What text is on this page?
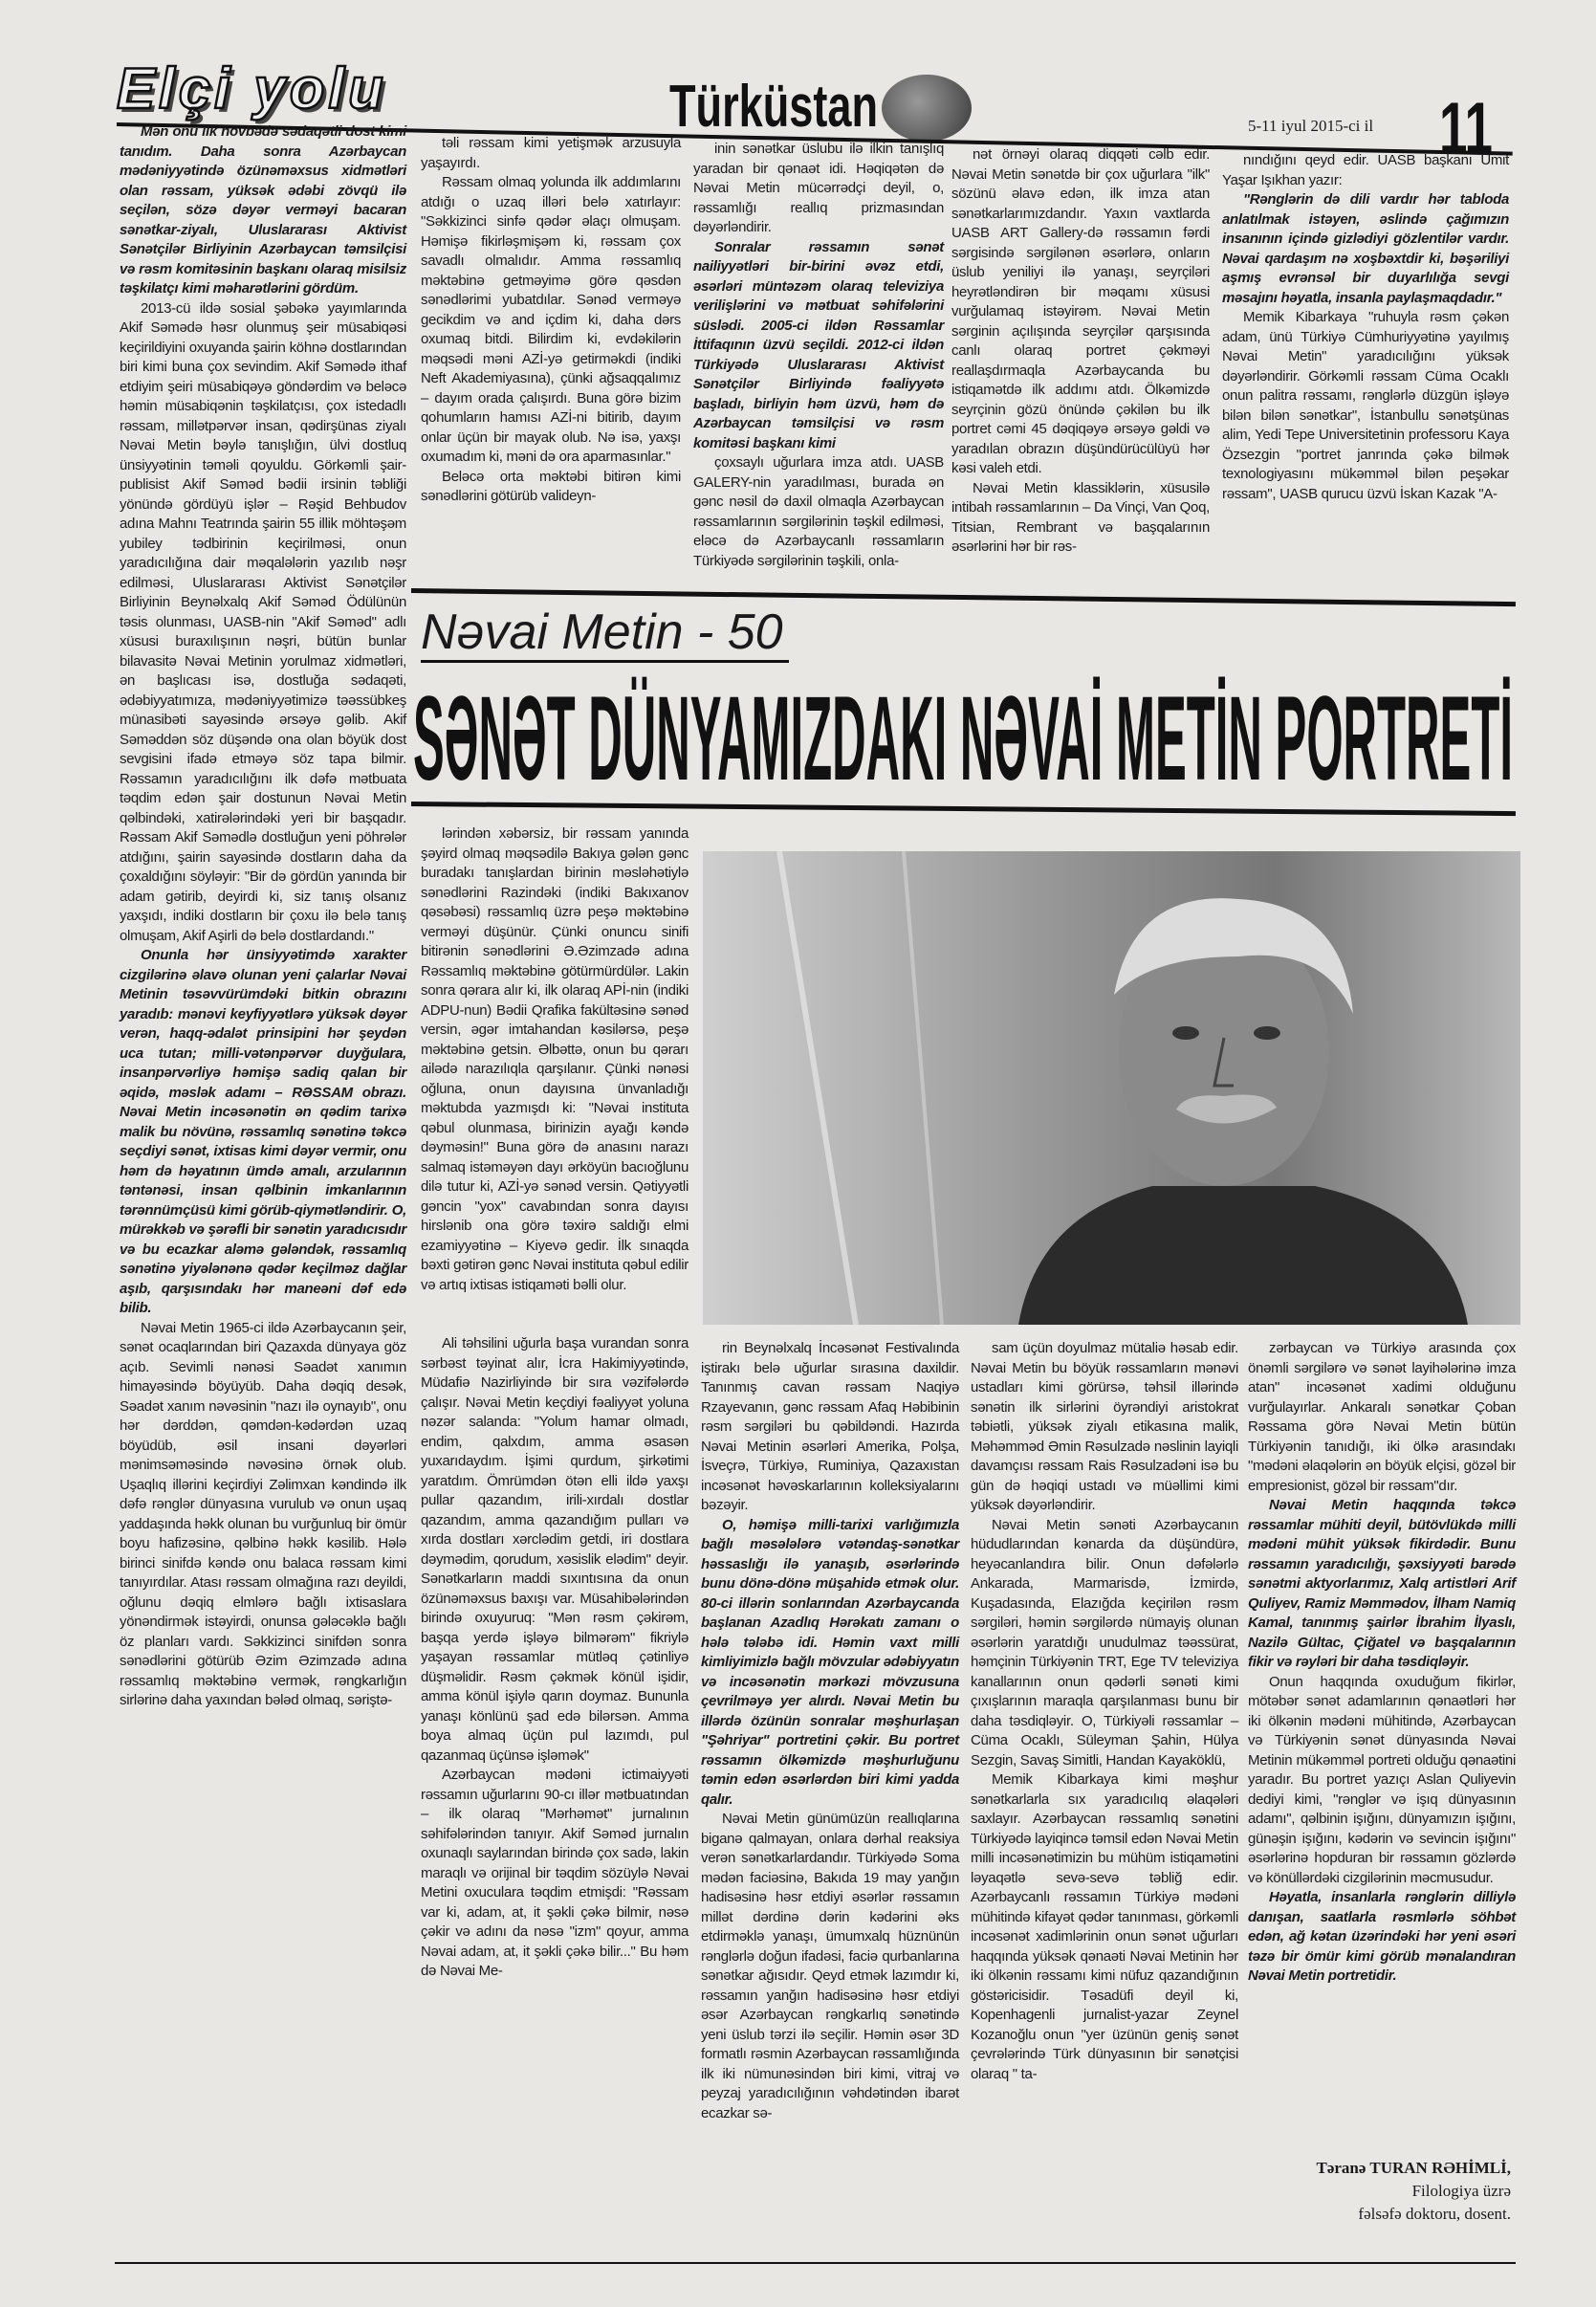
Elçi yolu	Türküstan	5-11 iyul 2015-ci il 11

Mən onu ilk növbədə sədaqətli dost kimi tanıdım. Daha sonra Azərbaycan mədəniyyətində özünəməxsus xidmətləri olan rəssam, yüksək ədəbi zövqü ilə seçilən, sözə dəyər verməyi bacaran sənətkar-ziyalı, Uluslararası Aktivist Sənətçilər Birliyinin Azərbaycan təmsilçisi və rəsm komitəsinin başkanı olaraq misilsiz təşkilatçı kimi məharətlərini gördüm.

2013-cü ildə sosial şəbəkə yayımlarında Akif Səmədə həsr olunmuş şeir müsabiqəsi keçirildiyini oxuyanda şairin köhnə dostlarından biri kimi buna çox sevindim. Akif Səmədə ithaf etdiyim şeiri müsabiqəyə göndərdim və beləcə həmin müsabiqənin təşkilatçısı, çox istedadlı rəssam, millətpərvər insan, qədirşünas ziyalı Nəvai Metin bəylə tanışlığın, ülvi dostluq ünsiyyətinin təməli qoyuldu. Görkəmli şair-publisist Akif Səməd bədii irsinin təbliği yönündə gördüyü işlər – Rəşid Behbudov adına Mahnı Teatrında şairin 55 illik möhtəşəm yubiley tədbirinin keçirilməsi, onun yaradıcılığına dair məqalələrin yazılıb nəşr edilməsi, Uluslararası Aktivist Sənətçilər Birliyinin Beynəlxalq Akif Səməd Ödülünün təsis olunması, UASB-nin "Akif Səməd" adlı xüsusi buraxılışının nəşri, bütün bunlar bilavasitə Nəvai Metinin yorulmaz xidmətləri, ən başlıcası isə, dostluğa sədaqəti, ədəbiyyatımıza, mədəniyyətimizə təəssübkeş münasibəti sayəsində ərsəyə gəlib. Akif Səməddən söz düşəndə ona olan böyük dost sevgisini ifadə etməyə söz tapa bilmir. Rəssamın yaradıcılığını ilk dəfə mətbuata təqdim edən şair dostunun Nəvai Metin qəlbindəki, xatirələrindəki yeri bir başqadır. Rəssam Akif Səmədlə dostluğun yeni pöhrələr atdığını, şairin sayəsində dostların daha da çoxaldığını söyləyir: "Bir də gördün yanında bir adam gətirib, deyirdi ki, siz tanış olsanız yaxşıdı, indiki dostların bir çoxu ilə belə tanış olmuşam, Akif Aşirli də belə dostlardandı."

Onunla hər ünsiyyətimdə xarakter cizgilərinə əlavə olunan yeni çalarlar Nəvai Metinin təsəvvürümdəki bitkin obrazını yaradıb: mənəvi keyfiyyətlərə yüksək dəyər verən, haqq-ədalət prinsipini hər şeydən uca tutan; milli-vətənpərvər duyğulara, insanpərvərliyə həmişə sadiq qalan bir əqidə, məslək adamı – RƏSSAM obrazı. Nəvai Metin incəsənətin ən qədim tarixə malik bu növünə, rəssamlıq sənətinə təkcə seçdiyi sənət, ixtisas kimi dəyər vermir, onu həm də həyatının ümdə amalı, arzularının təntənəsi, insan qəlbinin imkanlarının tərənnümçüsü kimi görüb-qiymətləndirir. O, mürəkkəb və şərəfli bir sənətin yaradıcısıdır və bu ecazkar aləmə gələndək, rəssamlıq sənətinə yiyələnənə qədər keçilməz dağlar aşıb, qarşısındakı hər maneəni dəf edə bilib.

Nəvai Metin 1965-ci ildə Azərbaycanın şeir, sənət ocaqlarından biri Qazaxda dünyaya göz açıb. Sevimli nənəsi Səadət xanımın himayəsində böyüyüb. Daha dəqiq desək, Səadət xanım nəvəsinin "nazı ilə oynayıb", onu hər dərddən, qəmdən-kədərdən uzaq böyüdüb, əsil insani dəyərləri mənimsəməsində nəvəsinə örnək olub. Uşaqlıq illərini keçirdiyi Zəlimxan kəndində ilk dəfə rənglər dünyasına vurulub və onun uşaq yaddaşında həkk olunan bu vurğunluq bir ömür boyu hafizəsinə, qəlbinə həkk kəsilib. Hələ birinci sinifdə kəndə onu balaca rəssam kimi tanıyırdılar. Atası rəssam olmağına razı deyildi, oğlunu dəqiq elmlərə bağlı ixtisaslara yönəndirmək istəyirdi, onunsa gələcəklə bağlı öz planları vardı. Səkkizinci sinifdən sonra sənədlərini götürüb Əzim Əzimzadə adına rəssamlıq məktəbinə vermək, rəngkarlığın sirlərinə daha yaxından bələd olmaq, səriştə-

təli rəssam kimi yetişmək arzusuyla yaşayırdı.

Rəssam olmaq yolunda ilk addımlarını atdığı o uzaq illəri belə xatırlayır: "Səkkizinci sinfə qədər əlaçı olmuşam. Həmişə fikirləşmişəm ki, rəssam çox savadlı olmalıdır. Amma rəssamlıq məktəbinə getməyimə görə qəsdən sənədlərimi yubatdılar. Sənəd verməyə gecikdim və and içdim ki, daha dərs oxumaq bitdi. Bilirdim ki, evdəkilərin məqsədi məni AZİ-yə getirməkdi (indiki Neft Akademiyasına), çünki ağsaqqalımız – dayım orada çalışırdı. Buna görə bizim qohumların hamısı AZİ-ni bitirib, dayım onlar üçün bir mayak olub. Nə isə, yaxşı oxumadım ki, məni də ora aparmasınlar."

Beləcə orta məktəbi bitirən kimi sənədlərini götürüb valideyn-

inin sənətkar üslubu ilə ilkin tanışlıq yaradan bir qənaət idi. Həqiqətən də Nəvai Metin mücərrədçi deyil, o, rəssamlığı reallıq prizmasından dəyərləndirir.

Sonralar rəssamın sənət nailiyyətləri bir-birini əvəz etdi, əsərləri müntəzəm olaraq televiziya verilişlərini və mətbuat səhifələrini süslədi. 2005-ci ildən Rəssamlar İttifaqının üzvü seçildi. 2012-ci ildən Türkiyədə Uluslararası Aktivist Sənətçilər Birliyində fəaliyyətə başladı, birliyin həm üzvü, həm də Azərbaycan təmsilçisi və rəsm komitəsi başkanı kimi

çoxsaylı uğurlara imza atdı. UASB GALERY-nin yaradılması, burada ən gənc nəsil də daxil olmaqla Azərbaycan rəssamlarının sərgilərinin təşkil edilməsi, eləcə də Azərbaycanlı rəssamların Türkiyədə sərgilərinin təşkili, onla-

nət örnəyi olaraq diqqəti cəlb edir. Nəvai Metin sənətdə bir çox uğurlara "ilk" sözünü əlavə edən, ilk imza atan sənətkarlarımızdandır. Yaxın vaxtlarda UASB ART Gallery-də rəssamın fərdi sərgisində sərgilənən əsərlərə, onların üslub yeniliyi ilə yanaşı, seyrçiləri heyrətləndirən bir məqamı xüsusi vurğulamaq istəyirəm. Nəvai Metin sərginin açılışında seyrçilər qarşısında canlı olaraq portret çəkməyi reallaşdırmaqla Azərbaycanda bu istiqamətdə ilk addımı atdı. Ölkəmizdə seyrçinin gözü önündə çəkilən bu ilk portret cəmi 45 dəqiqəyə ərsəyə gəldi və yaradılan obrazın düşündürücülüyü hər kəsi valeh etdi.

Nəvai Metin klassiklərin, xüsusilə intibah rəssamlarının – Da Vinçi, Van Qoq, Titsian, Rembrant və başqalarının əsərlərini hər bir rəs-

nındığını qeyd edir. UASB başkanı Ümit Yaşar Işıkhan yazır:

"Rənglərin də dili vardır hər tabloda anlatılmak istəyen, əslində çağımızın insanının içində gizlədiyi gözlentilər vardır. Nəvai qardaşım nə xoşbəxtdir ki, bəşəriliyi aşmış evrənsəl bir duyarlılığa sevgi məsajını həyatla, insanla paylaşmaqdadır."

Memik Kibarkaya "ruhuyla rəsm çəkən adam, ünü Türkiyə Cümhuriyyətinə yayılmış Nəvai Metin" yaradıcılığını yüksək dəyərləndirir. Görkəmli rəssam Cüma Ocaklı onun palitra rəssamı, rənglərlə düzgün işləyə bilən bilən sənətkar", İstanbullu sənətşünas alim, Yedi Tepe Universitetinin professoru Kaya Özsezgin "portret janrında çəkə bilmək texnologiyasını mükəmməl bilən peşəkar rəssam", UASB qurucu üzvü İskan Kazak "A-

Nəvai Metin - 50
SƏNƏT DÜNYAMIZDAKI NƏVAİ METİN PORTRETİ

lərindən xəbərsiz, bir rəssam yanında şəyird olmaq məqsədilə Bakıya gələn gənc buradakı tanışlardan birinin məsləhətiylə sənədlərini Razindəki (indiki Bakıxanov qəsəbəsi) rəssamlıq üzrə peşə məktəbinə verməyi düşünür. Çünki onuncu sinifi bitirənin sənədlərini Ə.Əzimzadə adına Rəssamlıq məktəbinə götürmürdülər. Lakin sonra qərara alır ki, ilk olaraq APİ-nin (indiki ADPU-nun) Bədii Qrafika fakültəsinə sənəd versin, əgər imtahandan kəsilərsə, peşə məktəbinə getsin. Əlbəttə, onun bu qərarı ailədə narazılıqla qarşılanır. Çünki nənəsi oğluna, onun dayısına ünvanladığı məktubda yazmışdı ki: "Nəvai instituta qəbul olunmasa, birinizin ayağı kəndə dəyməsin!" Buna görə də anasını narazı salmaq istəməyən dayı ərköyün bacıoğlunu dilə tutur ki, AZİ-yə sənəd versin. Qətiyyətli gəncin "yox" cavabından sonra dayısı hirslənib ona görə təxirə saldığı elmi ezamiyyətinə – Kiyevə gedir. İlk sınaqda bəxti gətirən gənc Nəvai instituta qəbul edilir və artıq ixtisas istiqaməti bəlli olur.

Ali təhsilini uğurla başa vurandan sonra sərbəst təyinat alır, İcra Hakimiyyətində, Müdafiə Nazirliyində bir sıra vəzifələrdə çalışır. Nəvai Metin keçdiyi fəaliyyət yoluna nəzər salanda: "Yolum hamar olmadı, endim, qalxdım, amma əsasən yuxarıdaydım. İşimi qurdum, şirkətimi yaratdım. Ömrümdən ötən elli ildə yaxşı pullar qazandım, irili-xırdalı dostlar qazandım, amma qazandığım pulları və xırda dostları xərclədim getdi, iri dostlara dəymədim, qorudum, xəsislik elədim" deyir. Sənətkarların maddi sıxıntısına da onun özünəməxsus baxışı var. Müsahibələrindən birində oxuyuruq: "Mən rəsm çəkirəm, başqa yerdə işləyə bilmərəm" fikriylə yaşayan rəssamlar mütləq çətinliyə düşməlidir. Rəsm çəkmək könül işidir, amma könül işiylə qarın doymaz. Bununla yanaşı könlünü şad edə bilərsən. Amma boya almaq üçün pul lazımdı, pul qazanmaq üçünsə işləmək"

Azərbaycan mədəni ictimaiyyəti rəssamın uğurlarını 90-cı illər mətbuatından – ilk olaraq "Mərhəmət" jurnalının səhifələrindən tanıyır. Akif Səməd jurnalın oxunaqlı saylarından birində çox sadə, lakin maraqlı və orijinal bir təqdim sözüylə Nəvai Metini oxuculara təqdim etmişdi: "Rəssam var ki, adam, at, it şəkli çəkə bilmir, nəsə çəkir və adını da nəsə "izm" qoyur, amma Nəvai adam, at, it şəkli çəkə bilir..." Bu həm də Nəvai Me-

rin Beynəlxalq İncəsənət Festivalında iştirakı belə uğurlar sırasına daxildir. Tanınmış cavan rəssam Naqiyə Rzayevanın, gənc rəssam Afaq Həbibinin rəsm sərgiləri bu qəbildəndi. Hazırda Nəvai Metinin əsərləri Amerika, Polşa, İsveçrə, Türkiyə, Ruminiya, Qazaxıstan incəsənət həvəskarlarının kolleksiyalarını bəzəyir.

O, həmişə milli-tarixi varlığımızla bağlı məsələlərə vətəndaş-sənətkar həssaslığı ilə yanaşıb, əsərlərində bunu dönə-dönə müşahidə etmək olur. 80-ci illərin sonlarından Azərbaycanda başlanan Azadlıq Hərəkatı zamanı o hələ tələbə idi. Həmin vaxt milli kimliyimizlə bağlı mövzular ədəbiyyatın və incəsənətin mərkəzi mövzusuna çevrilməyə yer alırdı. Nəvai Metin bu illərdə özünün sonralar məşhurlaşan "Şəhriyar" portretini çəkir. Bu portret rəssamın ölkəmizdə məşhurluğunu təmin edən əsərlərdən biri kimi yadda qalır.

Nəvai Metin günümüzün reallıqlarına biganə qalmayan, onlara dərhal reaksiya verən sənətkarlardandır. Türkiyədə Soma mədən faciəsinə, Bakıda 19 may yanğın hadisəsinə həsr etdiyi əsərlər rəssamın millət dərdinə dərin kədərini əks etdirməklə yanaşı, ümumxalq hüznünün rənglərlə doğun ifadəsi, faciə qurbanlarına sənətkar ağısıdır. Qeyd etmək lazımdır ki, rəssamın yanğın hadisəsinə həsr etdiyi əsər Azərbaycan rəngkarlıq sənətində yeni üslub tərzi ilə seçilir. Həmin əsər 3D formatlı rəsmin Azərbaycan rəssamlığında ilk iki nümunəsindən biri kimi, vitraj və peyzaj yaradıcılığının vəhdətindən ibarət ecazkar sə-

sam üçün doyulmaz mütaliə həsab edir. Nəvai Metin bu böyük rəssamların mənəvi ustadları kimi görürsə, təhsil illərində sənətin ilk sirlərini öyrəndiyi aristokrat təbiətli, yüksək ziyalı etikasına malik, Məhəmməd Əmin Rəsulzadə nəslinin layiqli davamçısı rəssam Rais Rəsulzadəni isə bu gün də həqiqi ustadı və müəllimi kimi yüksək dəyərləndirir.

Nəvai Metin sənəti Azərbaycanın hüdudlarından kənarda da düşündürə, heyəcanlandıra bilir. Onun dəfələrlə Ankarada, Marmarisdə, İzmirdə, Kuşadasında, Elazığda keçirilən rəsm sərgiləri, həmin sərgilərdə nümayiş olunan əsərlərin yaratdığı unudulmaz təəssürat, həmçinin Türkiyənin TRT, Ege TV televiziya kanallarının onun qədərli sənəti kimi çıxışlarının maraqla qarşılanması bunu bir daha təsdiqləyir. O, Türkiyəli rəssamlar – Cüma Ocaklı, Süleyman Şahin, Hülya Sezgin, Savaş Simitli, Handan Kayaköklü,

Memik Kibarkaya kimi məşhur sənətkarlarla sıx yaradıcılıq əlaqələri saxlayır. Azərbaycan rəssamlıq sənətini Türkiyədə layiqincə təmsil edən Nəvai Metin milli incəsənətimizin bu mühüm istiqamətini ləyaqətlə sevə-sevə təbliğ edir. Azərbaycanlı rəssamın Türkiyə mədəni mühitində kifayət qədər tanınması, görkəmli incəsənət xadimlərinin onun sənət uğurları haqqında yüksək qənaəti Nəvai Metinin hər iki ölkənin rəssamı kimi nüfuz qazandığının göstəricisidir. Təsadüfi deyil ki, Kopenhagenli jurnalist-yazar Zeynel Kozanoğlu onun "yer üzünün geniş sənət çevrələrində Türk dünyasının bir sənətçisi olaraq " ta-

zərbaycan və Türkiyə arasında çox önəmli sərgilərə və sənət layihələrinə imza atan" incəsənət xadimi olduğunu vurğulayırlar. Ankaralı sənətkar Çoban Rəssama görə Nəvai Metin bütün Türkiyənin tanıdığı, iki ölkə arasındakı "mədəni əlaqələrin ən böyük elçisi, gözəl bir empresionist, gözəl bir rəssam"dır.

Nəvai Metin haqqında təkcə rəssamlar mühiti deyil, bütövlükdə milli mədəni mühit yüksək fikirdədir. Bunu rəssamın yaradıcılığı, şəxsiyyəti barədə sənətmi aktyorlarımız, Xalq artistləri Arif Quliyev, Ramiz Məmmədov, İlham Namiq Kamal, tanınmış şairlər İbrahim İlyaslı, Nazilə Gültac, Çiğatel və başqalarının fikir və rəyləri bir daha təsdiqləyir.

Onun haqqında oxuduğum fikirlər, mötəbər sənət adamlarının qənaətləri hər iki ölkənin mədəni mühitində, Azərbaycan və Türkiyənin sənət dünyasında Nəvai Metinin mükəmməl portreti olduğu qənaətini yaradır. Bu portret yazıçı Aslan Quliyevin dediyi kimi, "rənglər və işıq dünyasının adamı", qəlbinin işığını, dünyamızın işığını, günəşin işığını, kədərin və sevincin işığını" əsərlərinə hopduran bir rəssamın gözlərdə və könüllərdəki cizgilərinin məcmusudur.

Həyatla, insanlarla rənglərin dilliylə danışan, saatlarla rəsmlərlə söhbət edən, ağ kətan üzərindəki hər yeni əsəri təzə bir ömür kimi görüb mənalandıran Nəvai Metin portretidir.

Təranə TURAN RƏHİMLİ,
Filologiya üzrə
fəlsəfə doktoru, dosent.
